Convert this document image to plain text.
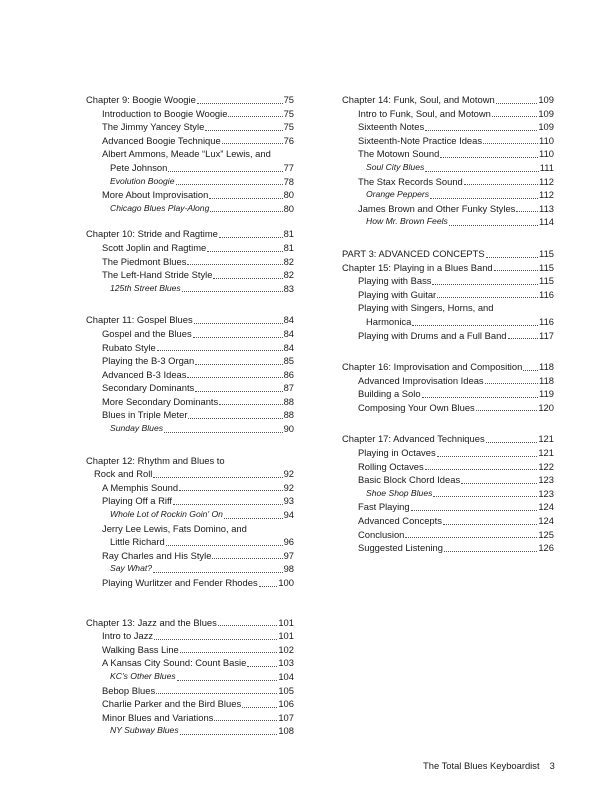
Chapter 9: Boogie Woogie	75
Introduction to Boogie Woogie	75
The Jimmy Yancey Style	75
Advanced Boogie Technique	76
Albert Ammons, Meade “Lux” Lewis, and
Pete Johnson	77
Evolution Boogie	78
More About Improvisation	80
Chicago Blues Play-Along	80
Chapter 10: Stride and Ragtime	81
Scott Joplin and Ragtime	81
The Piedmont Blues	82
The Left-Hand Stride Style	82
125th Street Blues	83
Chapter 11: Gospel Blues	84
Gospel and the Blues	84
Rubato Style	84
Playing the B-3 Organ	85
Advanced B-3 Ideas	86
Secondary Dominants	87
More Secondary Dominants	88
Blues in Triple Meter	88
Sunday Blues	90
Chapter 12: Rhythm and Blues to
Rock and Roll	92
A Memphis Sound	92
Playing Off a Riff	93
Whole Lot of Rockin Goin' On	94
Jerry Lee Lewis, Fats Domino, and
Little Richard	96
Ray Charles and His Style	97
Say What?	98
Playing Wurlitzer and Fender Rhodes 100
Chapter 13: Jazz and the Blues	101
Intro to Jazz	101
Walking Bass Line	102
A Kansas City Sound: Count Basie	103
KC's Other Blues	104
Bebop Blues	105
Charlie Parker and the Bird Blues	106
Minor Blues and Variations	107
NY Subway Blues	108
Chapter 14: Funk, Soul, and Motown	109
Intro to Funk, Soul, and Motown	109
Sixteenth Notes	109
Sixteenth-Note Practice Ideas	110
The Motown Sound	110
Soul City Blues	111
The Stax Records Sound	112
Orange Peppers	112
James Brown and Other Funky Styles	113
How Mr. Brown Feels	114
PART 3: ADVANCED CONCEPTS	115
Chapter 15: Playing in a Blues Band	115
Playing with Bass	115
Playing with Guitar	116
Playing with Singers, Horns, and
Harmonica	116
Playing with Drums and a Full Band	117
Chapter 16: Improvisation and Composition 118
Advanced Improvisation Ideas	118
Building a Solo	119
Composing Your Own Blues	120
Chapter 17: Advanced Techniques	121
Playing in Octaves	121
Rolling Octaves	122
Basic Block Chord Ideas	123
Shoe Shop Blues	123
Fast Playing	124
Advanced Concepts	124
Conclusion	125
Suggested Listening	126
The Total Blues Keyboardist 3
